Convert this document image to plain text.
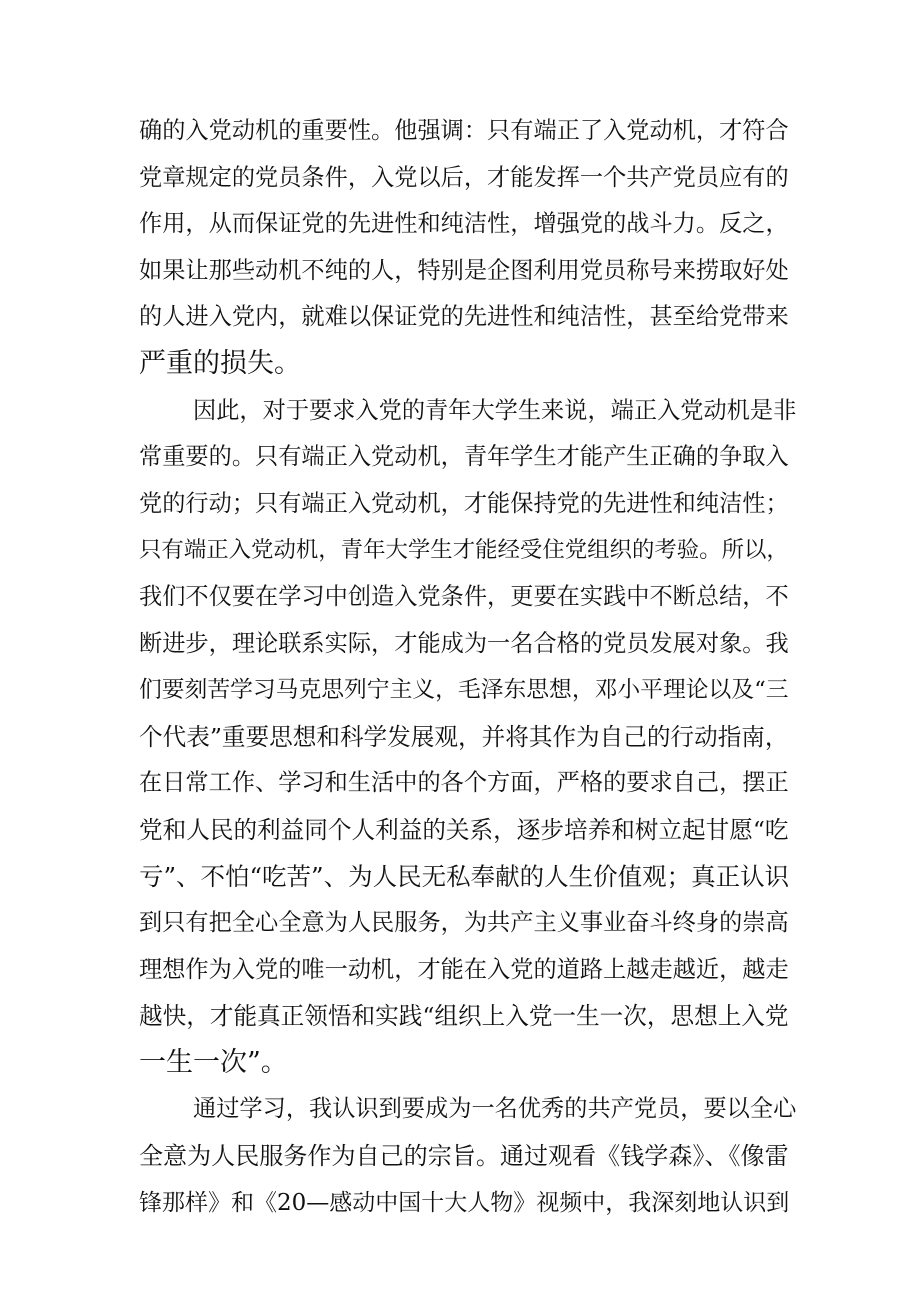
确的入党动机的重要性。他强调：只有端正了入党动机，才符合
党章规定的党员条件，入党以后，才能发挥一个共产党员应有的
作用，从而保证党的先进性和纯洁性，增强党的战斗力。反之，
如果让那些动机不纯的人，特别是企图利用党员称号来捞取好处
的人进入党内，就难以保证党的先进性和纯洁性，甚至给党带来
严重的损失。

因此，对于要求入党的青年大学生来说，端正入党动机是非
常重要的。只有端正入党动机，青年学生才能产生正确的争取入
党的行动；只有端正入党动机，才能保持党的先进性和纯洁性；
只有端正入党动机，青年大学生才能经受住党组织的考验。所以，
我们不仅要在学习中创造入党条件，更要在实践中不断总结，不
断进步，理论联系实际，才能成为一名合格的党员发展对象。我
们要刻苦学习马克思列宁主义，毛泽东思想，邓小平理论以及“三
个代表”重要思想和科学发展观，并将其作为自己的行动指南，
在日常工作、学习和生活中的各个方面，严格的要求自己，摆正
党和人民的利益同个人利益的关系，逐步培养和树立起甘愿“吃
亏”、不怕“吃苦”、为人民无私奉献的人生价值观；真正认识
到只有把全心全意为人民服务，为共产主义事业奋斗终身的崇高
理想作为入党的唯一动机，才能在入党的道路上越走越近，越走
越快，才能真正领悟和实践“组织上入党一生一次，思想上入党
一生一次”。

通过学习，我认识到要成为一名优秀的共产党员，要以全心
全意为人民服务作为自己的宗旨。通过观看《钱学森》、《像雷
锋那样》和《20—感动中国十大人物》视频中，我深刻地认识到
